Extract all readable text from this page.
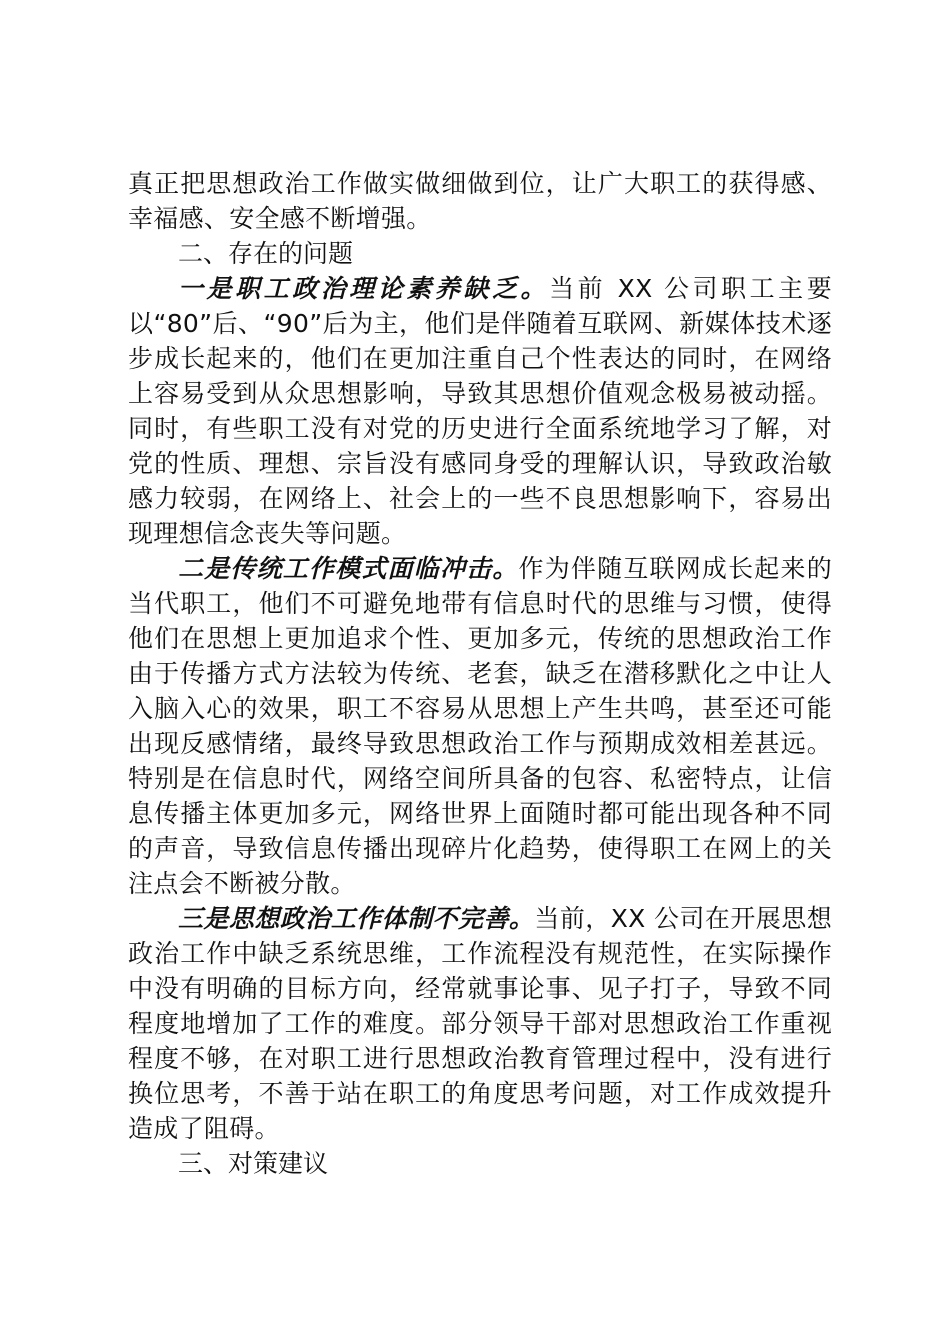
真正把思想政治工作做实做细做到位，让广大职工的获得感、幸福感、安全感不断增强。

二、存在的问题

一是职工政治理论素养缺乏。当前 XX 公司职工主要以“80”后、“90”后为主，他们是伴随着互联网、新媒体技术逐步成长起来的，他们在更加注重自己个性表达的同时，在网络上容易受到从众思想影响，导致其思想价值观念极易被动摇。同时，有些职工没有对党的历史进行全面系统地学习了解，对党的性质、理想、宗旨没有感同身受的理解认识，导致政治敏感力较弱，在网络上、社会上的一些不良思想影响下，容易出现理想信念丧失等问题。

二是传统工作模式面临冲击。作为伴随互联网成长起来的当代职工，他们不可避免地带有信息时代的思维与习惯，使得他们在思想上更加追求个性、更加多元，传统的思想政治工作由于传播方式方法较为传统、老套，缺乏在潜移默化之中让人入脑入心的效果，职工不容易从思想上产生共鸣，甚至还可能出现反感情绪，最终导致思想政治工作与预期成效相差甚远。特别是在信息时代，网络空间所具备的包容、私密特点，让信息传播主体更加多元，网络世界上面随时都可能出现各种不同的声音，导致信息传播出现碎片化趋势，使得职工在网上的关注点会不断被分散。

三是思想政治工作体制不完善。当前，XX 公司在开展思想政治工作中缺乏系统思维，工作流程没有规范性，在实际操作中没有明确的目标方向，经常就事论事、见子打子，导致不同程度地增加了工作的难度。部分领导干部对思想政治工作重视程度不够，在对职工进行思想政治教育管理过程中，没有进行换位思考，不善于站在职工的角度思考问题，对工作成效提升造成了阻碍。

三、对策建议
